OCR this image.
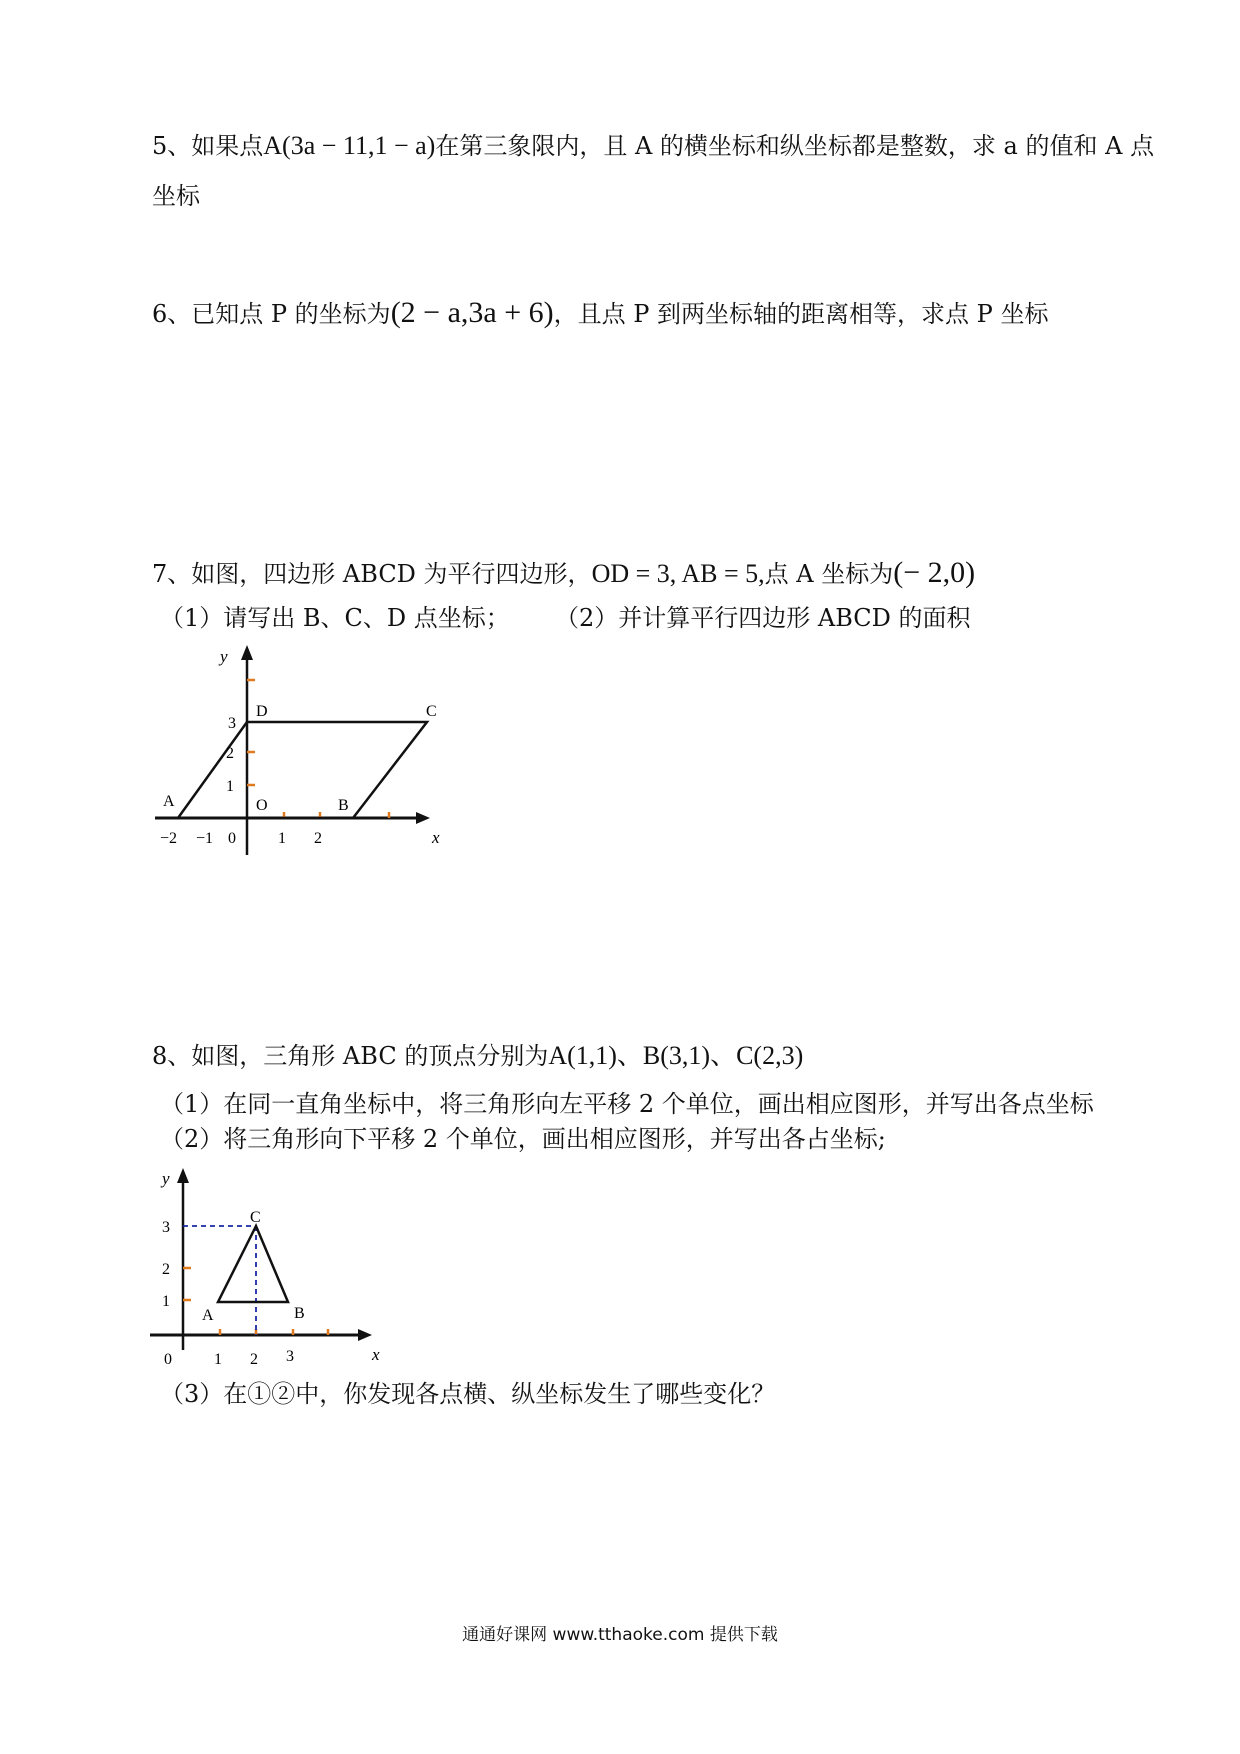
5、如果点A(3a − 11,1 − a)在第三象限内，且 A 的横坐标和纵坐标都是整数，求 a 的值和 A 点
坐标
6、已知点 P 的坐标为(2 − a,3a + 6)，且点 P 到两坐标轴的距离相等，求点 P 坐标
7、如图，四边形 ABCD 为平行四边形，OD = 3, AB = 5,点 A 坐标为(− 2,0)
（1）请写出 B、C、D 点坐标； （2）并计算平行四边形 ABCD 的面积
y
x
D	C
A	O	B
3
2
1
−2 −1 0	1 2
8、如图，三角形 ABC 的顶点分别为A(1,1)、B(3,1)、C(2,3)
（1）在同一直角坐标中，将三角形向左平移 2 个单位，画出相应图形，并写出各点坐标
（2）将三角形向下平移 2 个单位，画出相应图形，并写出各占坐标;
y
x
C
A	B
3
2
1
0	1 2 3
（3）在①②中，你发现各点横、纵坐标发生了哪些变化？
通通好课网 www.tthaoke.com 提供下载
